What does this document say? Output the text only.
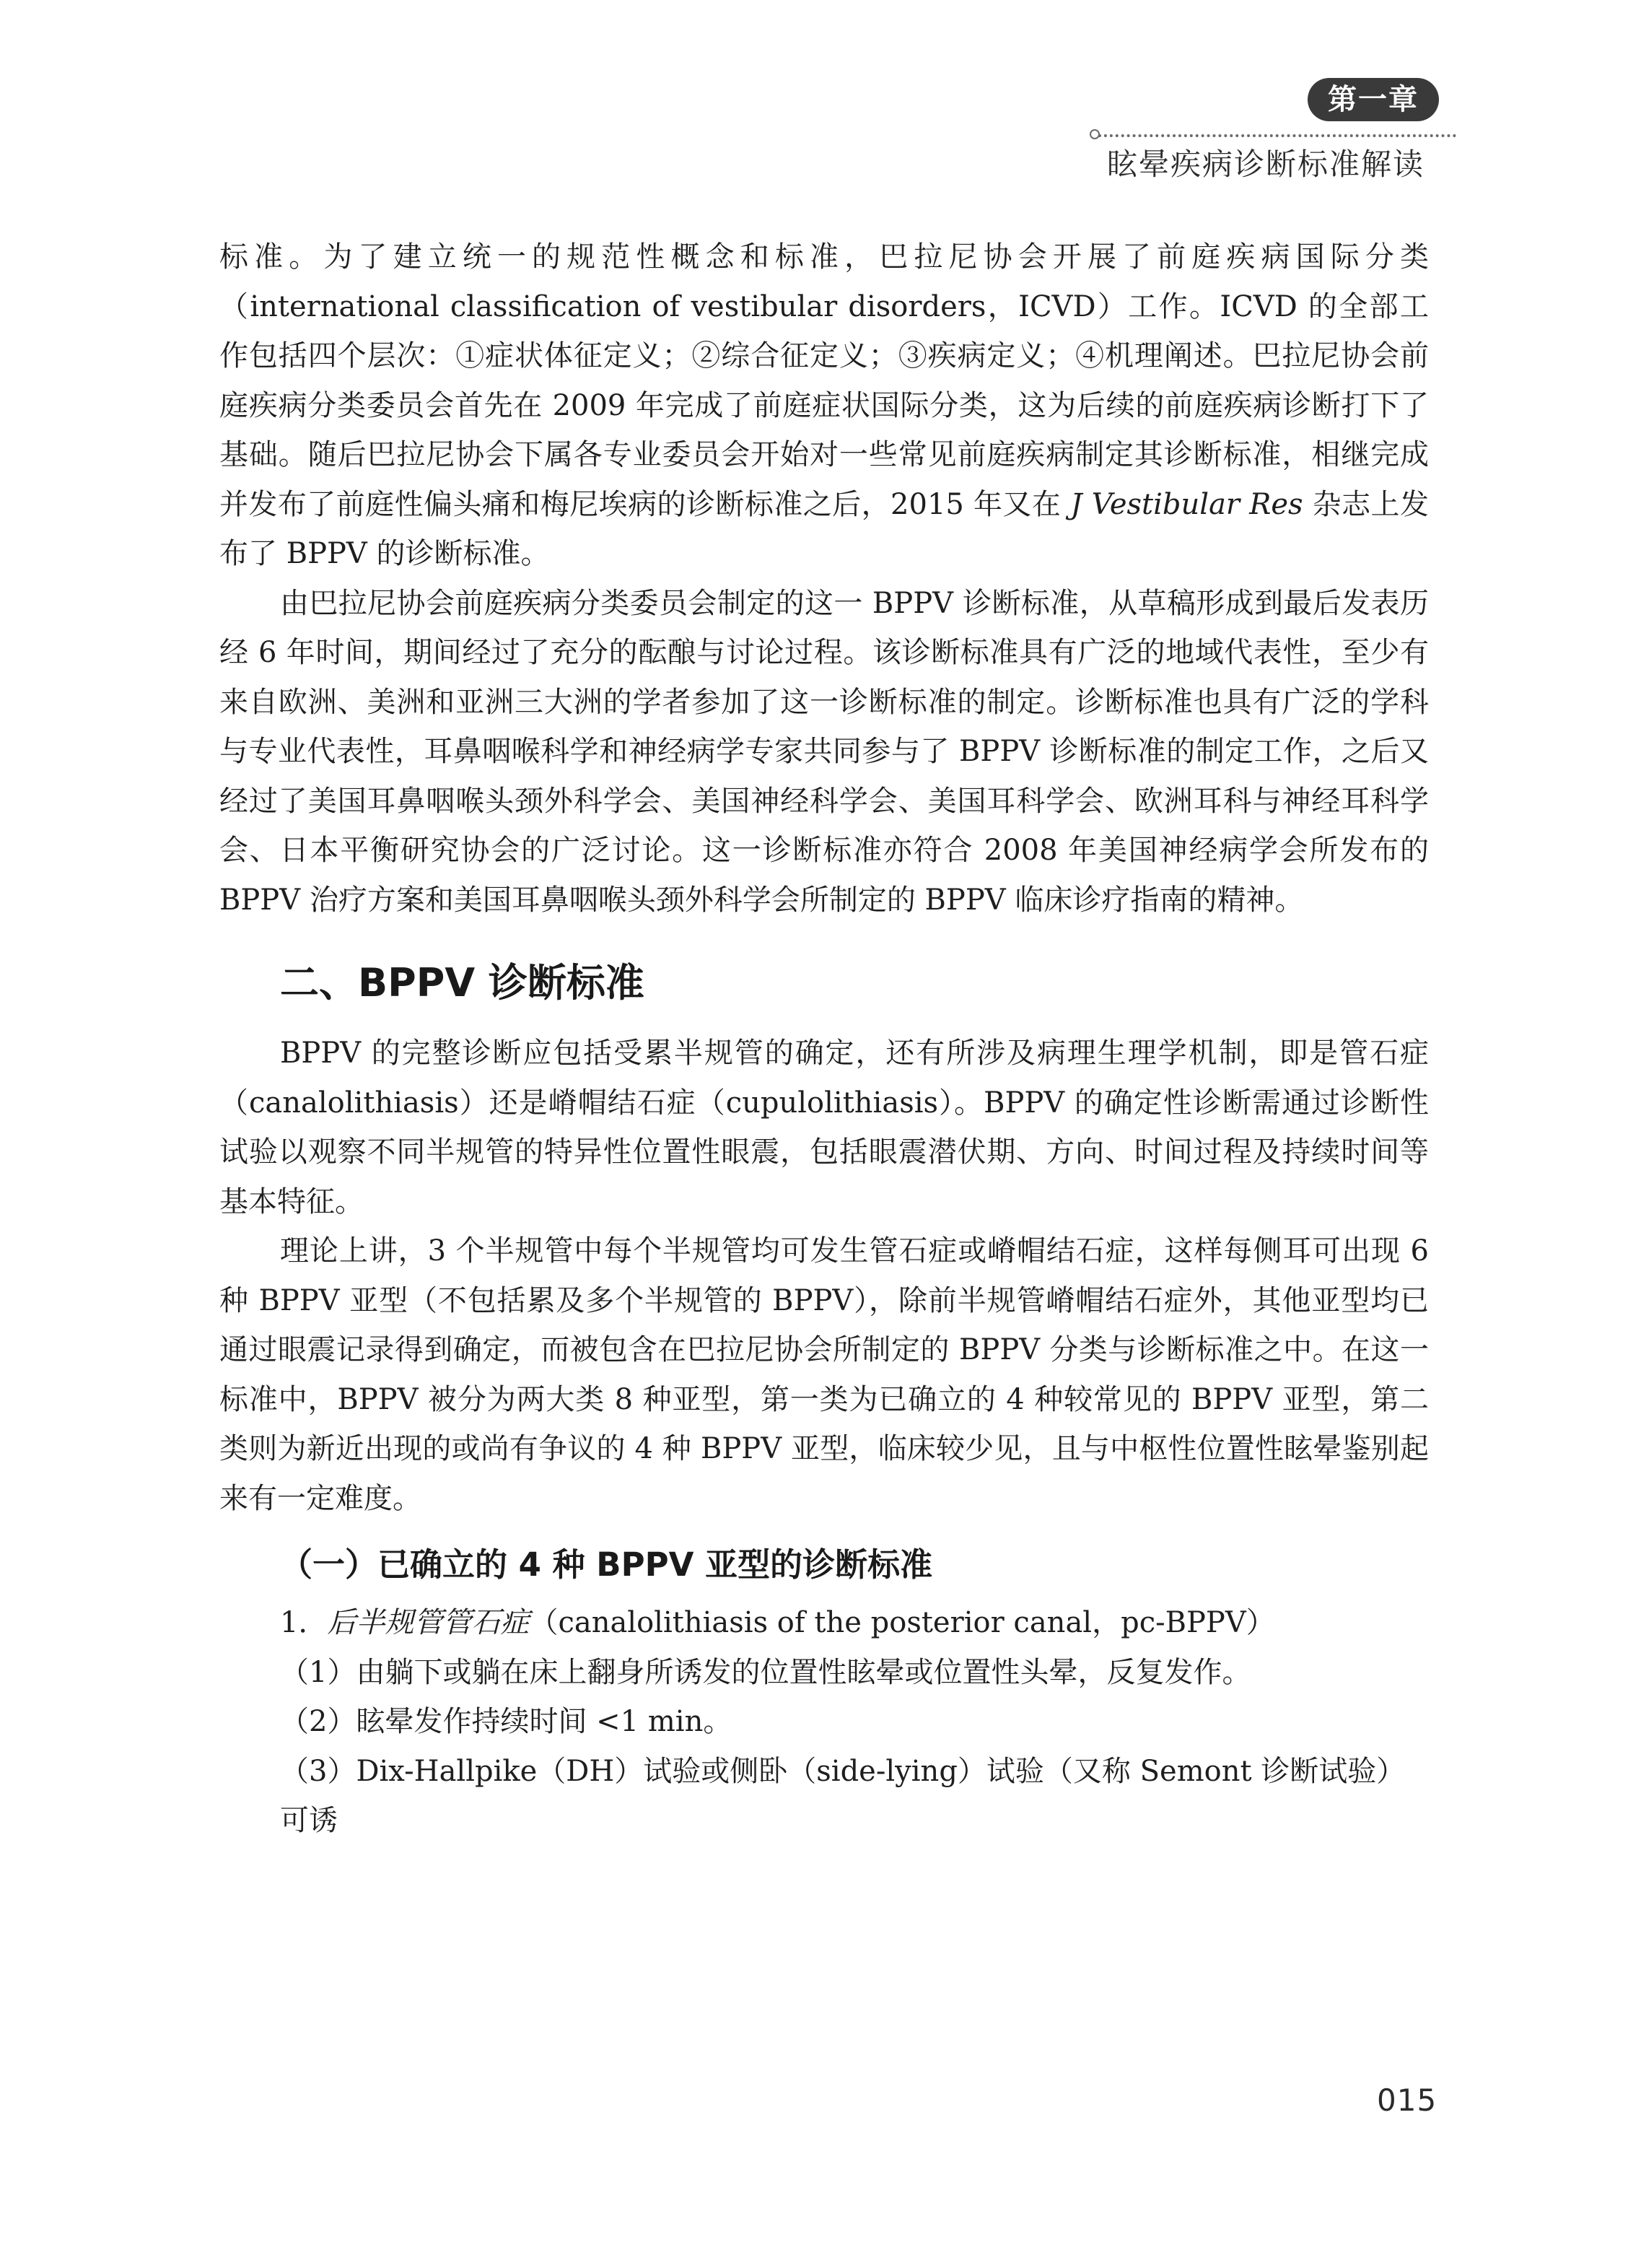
第一章
眩晕疾病诊断标准解读

标准。为了建立统一的规范性概念和标准，巴拉尼协会开展了前庭疾病国际分类（international classification of vestibular disorders，ICVD）工作。ICVD 的全部工作包括四个层次：①症状体征定义；②综合征定义；③疾病定义；④机理阐述。巴拉尼协会前庭疾病分类委员会首先在 2009 年完成了前庭症状国际分类，这为后续的前庭疾病诊断打下了基础。随后巴拉尼协会下属各专业委员会开始对一些常见前庭疾病制定其诊断标准，相继完成并发布了前庭性偏头痛和梅尼埃病的诊断标准之后，2015 年又在 J Vestibular Res 杂志上发布了 BPPV 的诊断标准。

由巴拉尼协会前庭疾病分类委员会制定的这一 BPPV 诊断标准，从草稿形成到最后发表历经 6 年时间，期间经过了充分的酝酿与讨论过程。该诊断标准具有广泛的地域代表性，至少有来自欧洲、美洲和亚洲三大洲的学者参加了这一诊断标准的制定。诊断标准也具有广泛的学科与专业代表性，耳鼻咽喉科学和神经病学专家共同参与了 BPPV 诊断标准的制定工作，之后又经过了美国耳鼻咽喉头颈外科学会、美国神经科学会、美国耳科学会、欧洲耳科与神经耳科学会、日本平衡研究协会的广泛讨论。这一诊断标准亦符合 2008 年美国神经病学会所发布的 BPPV 治疗方案和美国耳鼻咽喉头颈外科学会所制定的 BPPV 临床诊疗指南的精神。

二、BPPV 诊断标准

BPPV 的完整诊断应包括受累半规管的确定，还有所涉及病理生理学机制，即是管石症（canalolithiasis）还是嵴帽结石症（cupulolithiasis）。BPPV 的确定性诊断需通过诊断性试验以观察不同半规管的特异性位置性眼震，包括眼震潜伏期、方向、时间过程及持续时间等基本特征。

理论上讲，3 个半规管中每个半规管均可发生管石症或嵴帽结石症，这样每侧耳可出现 6 种 BPPV 亚型（不包括累及多个半规管的 BPPV），除前半规管嵴帽结石症外，其他亚型均已通过眼震记录得到确定，而被包含在巴拉尼协会所制定的 BPPV 分类与诊断标准之中。在这一标准中，BPPV 被分为两大类 8 种亚型，第一类为已确立的 4 种较常见的 BPPV 亚型，第二类则为新近出现的或尚有争议的 4 种 BPPV 亚型，临床较少见，且与中枢性位置性眩晕鉴别起来有一定难度。

（一）已确立的 4 种 BPPV 亚型的诊断标准

1．后半规管管石症（canalolithiasis of the posterior canal，pc-BPPV）

（1）由躺下或躺在床上翻身所诱发的位置性眩晕或位置性头晕，反复发作。

（2）眩晕发作持续时间 <1 min。

（3）Dix-Hallpike（DH）试验或侧卧（side-lying）试验（又称 Semont 诊断试验）可诱

015
